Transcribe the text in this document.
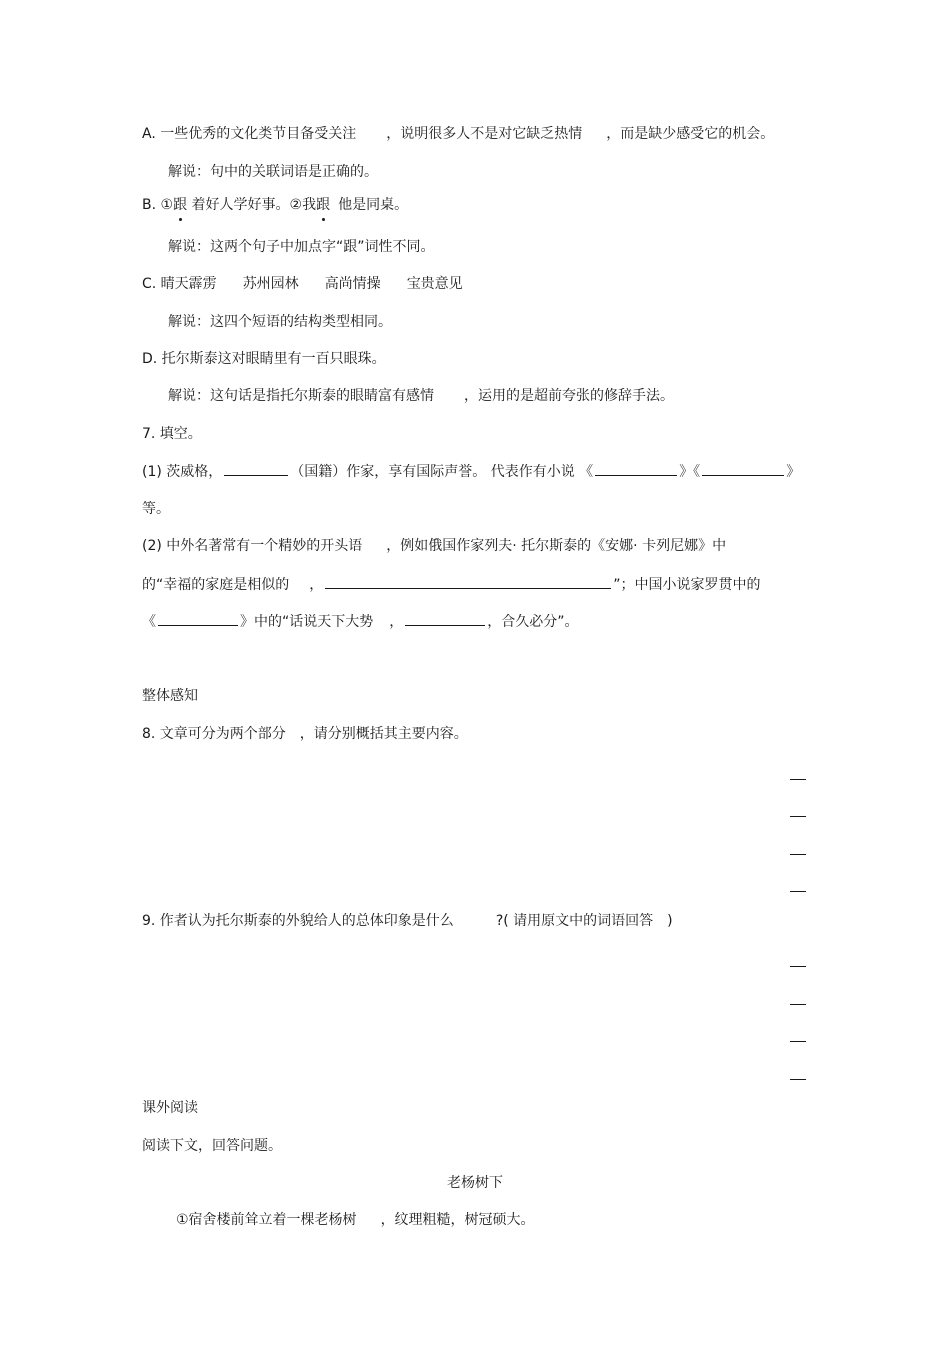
A. 一些优秀的文化类节目备受关注 ，说明很多人不是对它缺乏热情 ，而是缺少感受它的机会。
解说：句中的关联词语是正确的。
B. ①跟 着好人学好事。②我跟 他是同桌。
解说：这两个句子中加点字“跟”词性不同。
C. 晴天霹雳 苏州园林 高尚情操 宝贵意见
解说：这四个短语的结构类型相同。
D. 托尔斯泰这对眼睛里有一百只眼珠。
解说：这句话是指托尔斯泰的眼睛富有感情 ，运用的是超前夸张的修辞手法。
7. 填空。
(1) 茨威格，	（国籍）作家，享有国际声誉。 代表作有小说 《	》《	》
等。
(2) 中外名著常有一个精妙的开头语 ，例如俄国作家列夫· 托尔斯泰的《安娜· 卡列尼娜》中
的“幸福的家庭是相似的 ，	”；中国小说家罗贯中的
《	》中的“话说天下大势 ，	，合久必分”。
整体感知
8. 文章可分为两个部分　，请分别概括其主要内容。
9. 作者认为托尔斯泰的外貌给人的总体印象是什么	?( 请用原文中的词语回答 )
课外阅读
阅读下文，回答问题。
老杨树下
①宿舍楼前耸立着一棵老杨树 ，纹理粗糙，树冠硕大。
